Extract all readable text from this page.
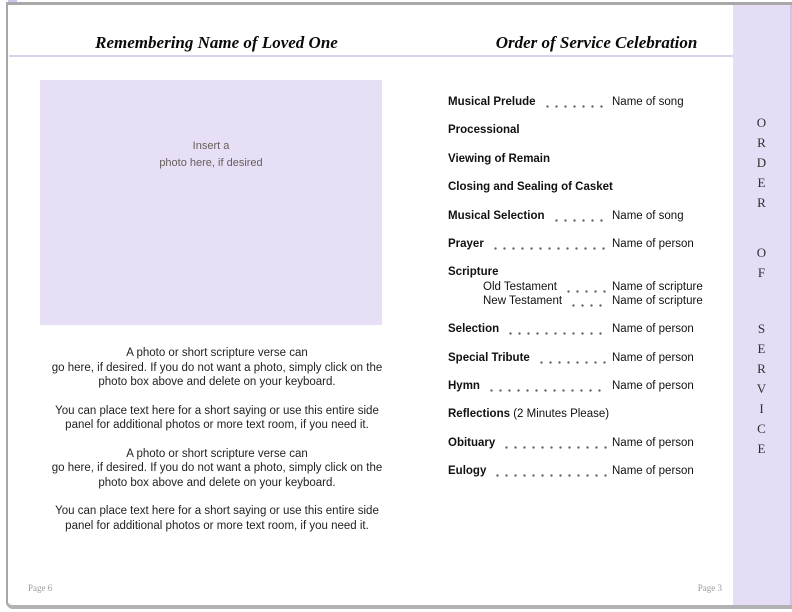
Remembering Name of Loved One	Order of Service Celebration
Insert a
photo here, if desired

A photo or short scripture verse can
go here, if desired. If you do not want a photo, simply click on the
photo box above and delete on your keyboard.

You can place text here for a short saying or use this entire side
panel for additional photos or more text room, if you need it.

A photo or short scripture verse can
go here, if desired. If you do not want a photo, simply click on the
photo box above and delete on your keyboard.

You can place text here for a short saying or use this entire side
panel for additional photos or more text room, if you need it.

Musical Prelude	Name of song
Processional
Viewing of Remain
Closing and Sealing of Casket
Musical Selection	Name of song
Prayer	Name of person
Scripture
Old Testament	Name of scripture
New Testament	Name of scripture
Selection	Name of person
Special Tribute	Name of person
Hymn	Name of person
Reflections (2 Minutes Please)
Obituary	Name of person
Eulogy	Name of person
O
R
D
E
R
O
F
S
E
R
V
I
C
E
Page 6	Page 3
